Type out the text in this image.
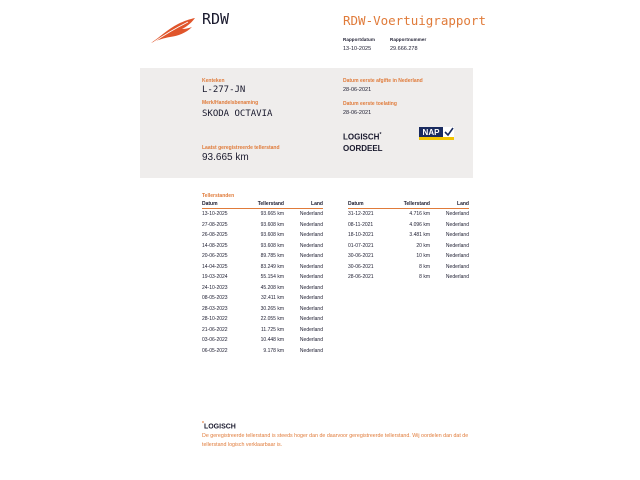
RDW	RDW-Voertuigrapport
Rapportdatum
13-10-2025
Rapportnummer
29.666.278
Kenteken
L-277-JN
Merk/Handelsbenaming
SKODA OCTAVIA
Laatst geregistreerde tellerstand
93.665 km
Datum eerste afgifte in Nederland
28-06-2021
Datum eerste toelating
28-06-2021
LOGISCH*
OORDEEL
NAP
Tellerstanden
Datum	Tellerstand	Land
13-10-2025	93.665 km	Nederland
27-08-2025	93.608 km	Nederland
26-08-2025	93.608 km	Nederland
14-08-2025	93.608 km	Nederland
20-06-2025	89.785 km	Nederland
14-04-2025	83.249 km	Nederland
19-03-2024	55.154 km	Nederland
24-10-2023	45.208 km	Nederland
08-05-2023	32.411 km	Nederland
28-03-2023	30.265 km	Nederland
28-10-2022	22.055 km	Nederland
21-06-2022	11.725 km	Nederland
03-06-2022	10.448 km	Nederland
06-05-2022	9.178 km	Nederland
Datum	Tellerstand	Land
31-12-2021	4.716 km	Nederland
08-11-2021	4.096 km	Nederland
18-10-2021	3.481 km	Nederland
01-07-2021	20 km	Nederland
30-06-2021	10 km	Nederland
30-06-2021	8 km	Nederland
28-06-2021	8 km	Nederland
*LOGISCH
De geregistreerde tellerstand is steeds hoger dan de daarvoor geregistreerde tellerstand. Wij oordelen dan dat de tellerstand logisch verklaarbaar is.
